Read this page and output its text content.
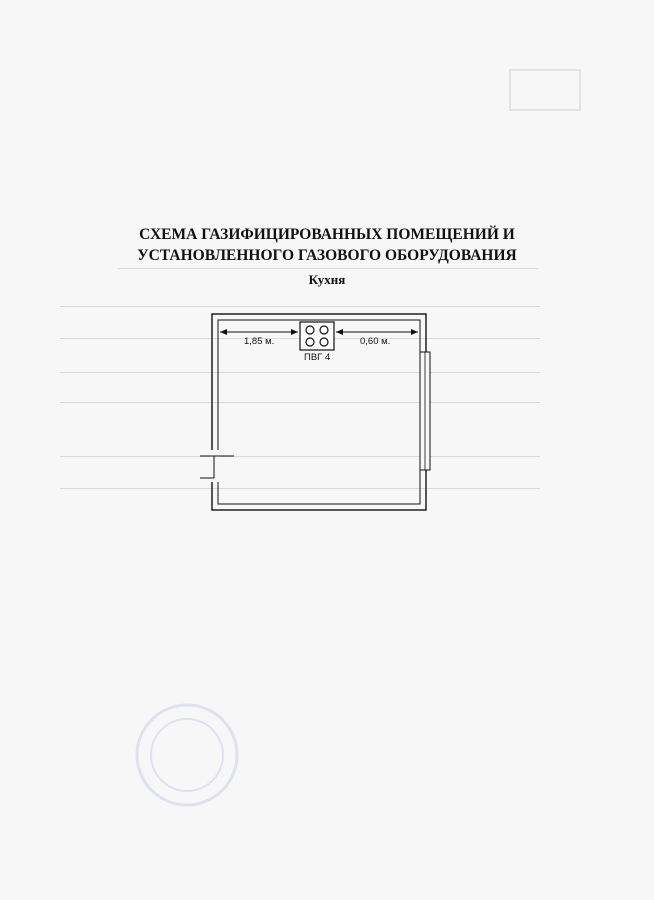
СХЕМА ГАЗИФИЦИРОВАННЫХ ПОМЕЩЕНИЙ И
УСТАНОВЛЕННОГО ГАЗОВОГО ОБОРУДОВАНИЯ
Кухня
1,85 м.	0,60 м.
ПВГ 4
